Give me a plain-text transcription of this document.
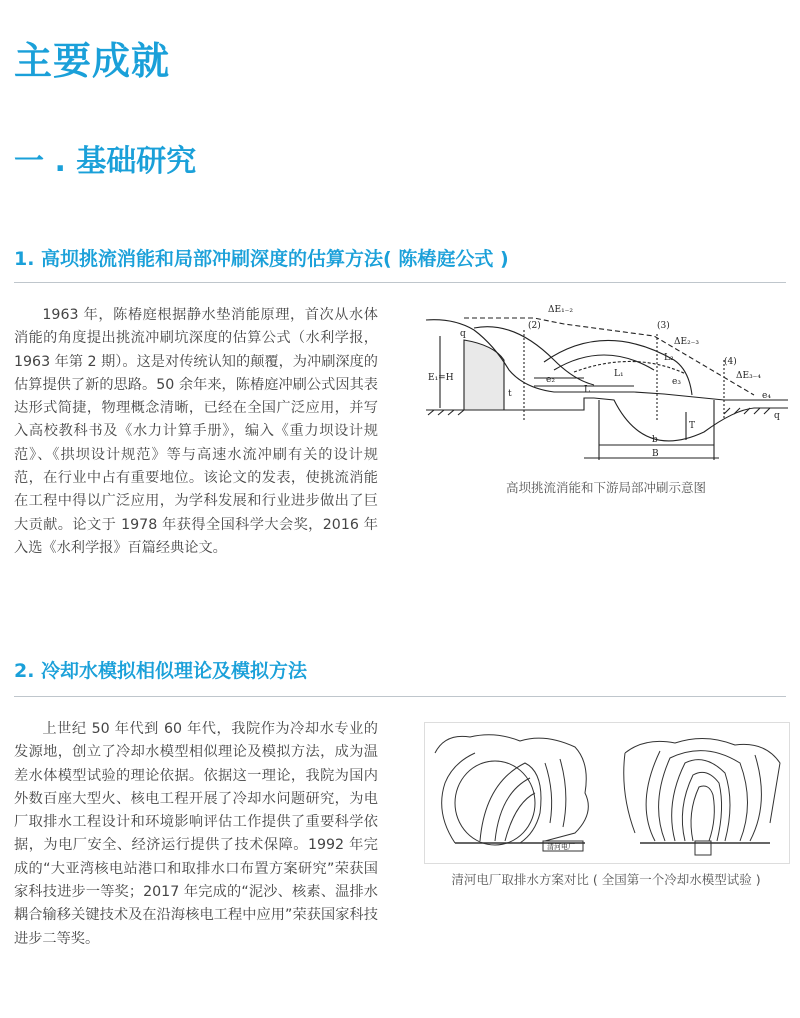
主要成就
一 . 基础研究
1. 高坝挑流消能和局部冲刷深度的估算方法( 陈椿庭公式 )

1963 年，陈椿庭根据静水垫消能原理，首次从水体消能的角度提出挑流冲刷坑深度的估算公式（水利学报，1963 年第 2 期）。这是对传统认知的颠覆，为冲刷深度的估算提供了新的思路。50 余年来，陈椿庭冲刷公式因其表达形式简捷，物理概念清晰，已经在全国广泛应用，并写入高校教科书及《水力计算手册》，编入《重力坝设计规范》、《拱坝设计规范》等与高速水流冲刷有关的设计规范，在行业中占有重要地位。该论文的发表，使挑流消能在工程中得以广泛应用，为学科发展和行业进步做出了巨大贡献。论文于 1978 年获得全国科学大会奖，2016 年入选《水利学报》百篇经典论文。

(2)	(3)
(4)
q
q
ΔE₁₋₂
ΔE₂₋₃
ΔE₃₋₄
E₁=H	e₂	e₃
e₄
L₁
L₂
L
b
B
T
t

高坝挑流消能和下游局部冲刷示意图

2. 冷却水模拟相似理论及模拟方法

上世纪 50 年代到 60 年代，我院作为冷却水专业的发源地，创立了冷却水模型相似理论及模拟方法，成为温差水体模型试验的理论依据。依据这一理论，我院为国内外数百座大型火、核电工程开展了冷却水问题研究，为电厂取排水工程设计和环境影响评估工作提供了重要科学依据，为电厂安全、经济运行提供了技术保障。1992 年完成的“大亚湾核电站港口和取排水口布置方案研究”荣获国家科技进步一等奖；2017 年完成的“泥沙、核素、温排水耦合输移关键技术及在沿海核电工程中应用”荣获国家科技进步二等奖。

清河电厂

清河电厂取排水方案对比 ( 全国第一个冷却水模型试验 )
